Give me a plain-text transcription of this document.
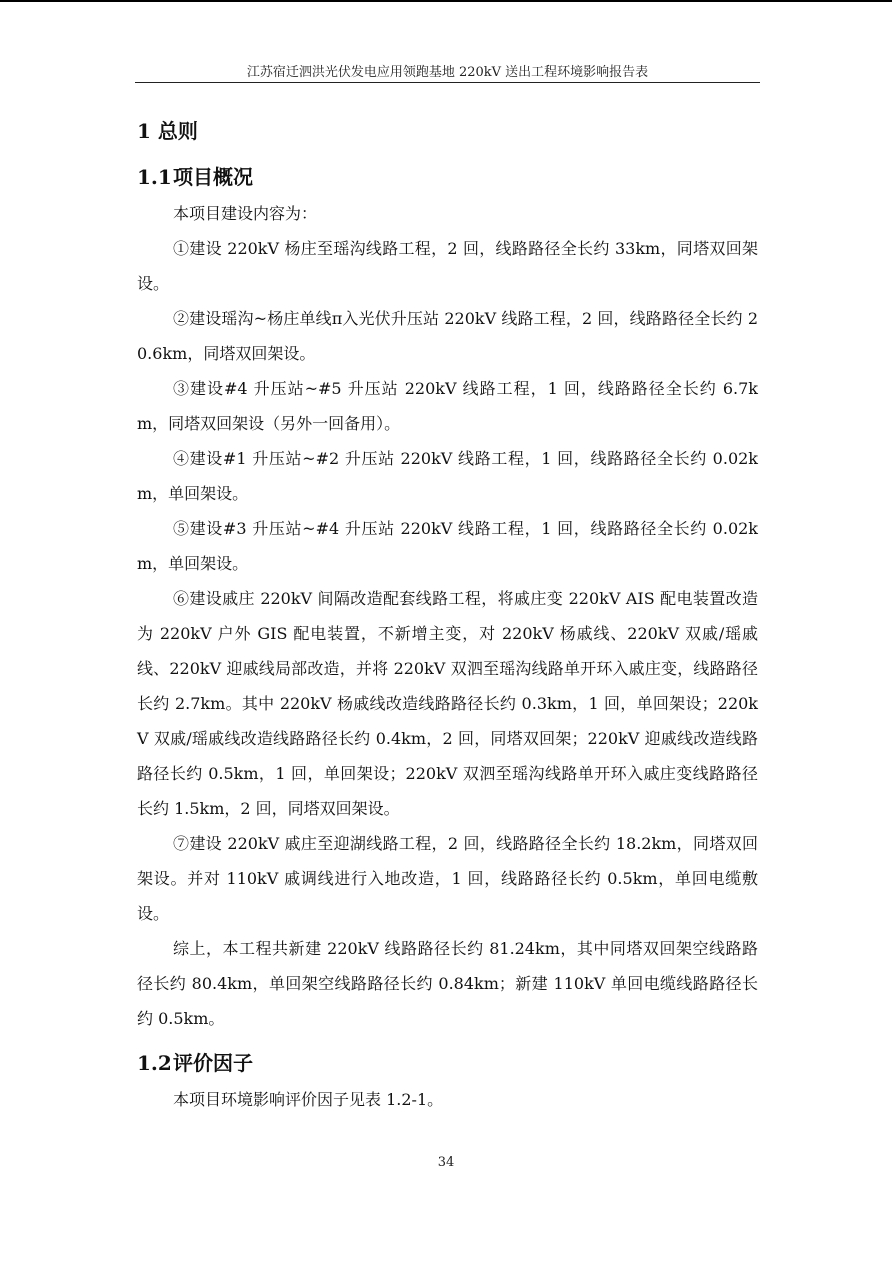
江苏宿迁泗洪光伏发电应用领跑基地 220kV 送出工程环境影响报告表
1 总则
1.1项目概况

本项目建设内容为：

①建设 220kV 杨庄至瑶沟线路工程，2 回，线路路径全长约 33km，同塔双回架设。

②建设瑶沟~杨庄单线π入光伏升压站 220kV 线路工程，2 回，线路路径全长约 20.6km，同塔双回架设。

③建设#4 升压站~#5 升压站 220kV 线路工程，1 回，线路路径全长约 6.7km，同塔双回架设（另外一回备用）。

④建设#1 升压站~#2 升压站 220kV 线路工程，1 回，线路路径全长约 0.02km，单回架设。

⑤建设#3 升压站~#4 升压站 220kV 线路工程，1 回，线路路径全长约 0.02km，单回架设。

⑥建设戚庄 220kV 间隔改造配套线路工程，将戚庄变 220kV AIS 配电装置改造为 220kV 户外 GIS 配电装置，不新增主变，对 220kV 杨戚线、220kV 双戚/瑶戚线、220kV 迎戚线局部改造，并将 220kV 双泗至瑶沟线路单开环入戚庄变，线路路径长约 2.7km。其中 220kV 杨戚线改造线路路径长约 0.3km，1 回，单回架设；220kV 双戚/瑶戚线改造线路路径长约 0.4km，2 回，同塔双回架；220kV 迎戚线改造线路路径长约 0.5km，1 回，单回架设；220kV 双泗至瑶沟线路单开环入戚庄变线路路径长约 1.5km，2 回，同塔双回架设。

⑦建设 220kV 戚庄至迎湖线路工程，2 回，线路路径全长约 18.2km，同塔双回架设。并对 110kV 戚调线进行入地改造，1 回，线路路径长约 0.5km，单回电缆敷设。

综上，本工程共新建 220kV 线路路径长约 81.24km，其中同塔双回架空线路路径长约 80.4km，单回架空线路路径长约 0.84km；新建 110kV 单回电缆线路路径长约 0.5km。

1.2评价因子

本项目环境影响评价因子见表 1.2-1。

34
